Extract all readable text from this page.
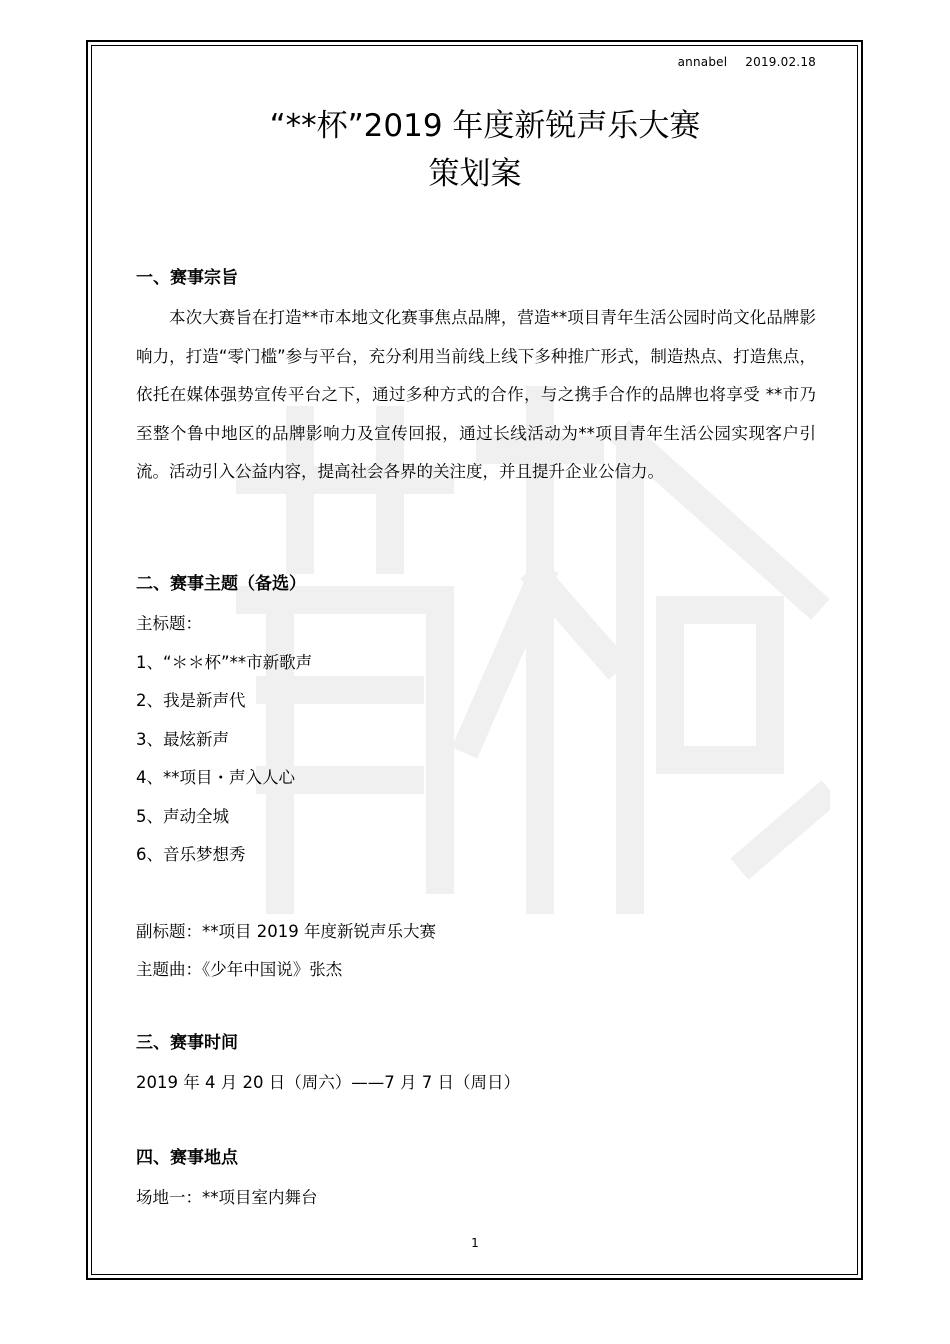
annabel 2019.02.18
“**杯”2019 年度新锐声乐大赛
策划案
一、赛事宗旨
本次大赛旨在打造**市本地文化赛事焦点品牌，营造**项目青年生活公园时尚文化品牌影响力，打造“零门槛”参与平台，充分利用当前线上线下多种推广形式，制造热点、打造焦点，依托在媒体强势宣传平台之下，通过多种方式的合作，与之携手合作的品牌也将享受 **市乃至整个鲁中地区的品牌影响力及宣传回报，通过长线活动为**项目青年生活公园实现客户引流。活动引入公益内容，提高社会各界的关注度，并且提升企业公信力。
二、赛事主题（备选）
主标题：
1、“＊＊杯”**市新歌声
2、我是新声代
3、最炫新声
4、**项目・声入人心
5、声动全城
6、音乐梦想秀
副标题：**项目 2019 年度新锐声乐大赛
主题曲：《少年中国说》张杰
三、赛事时间
2019 年 4 月 20 日（周六）——7 月 7 日（周日）
四、赛事地点
场地一：**项目室内舞台
1
